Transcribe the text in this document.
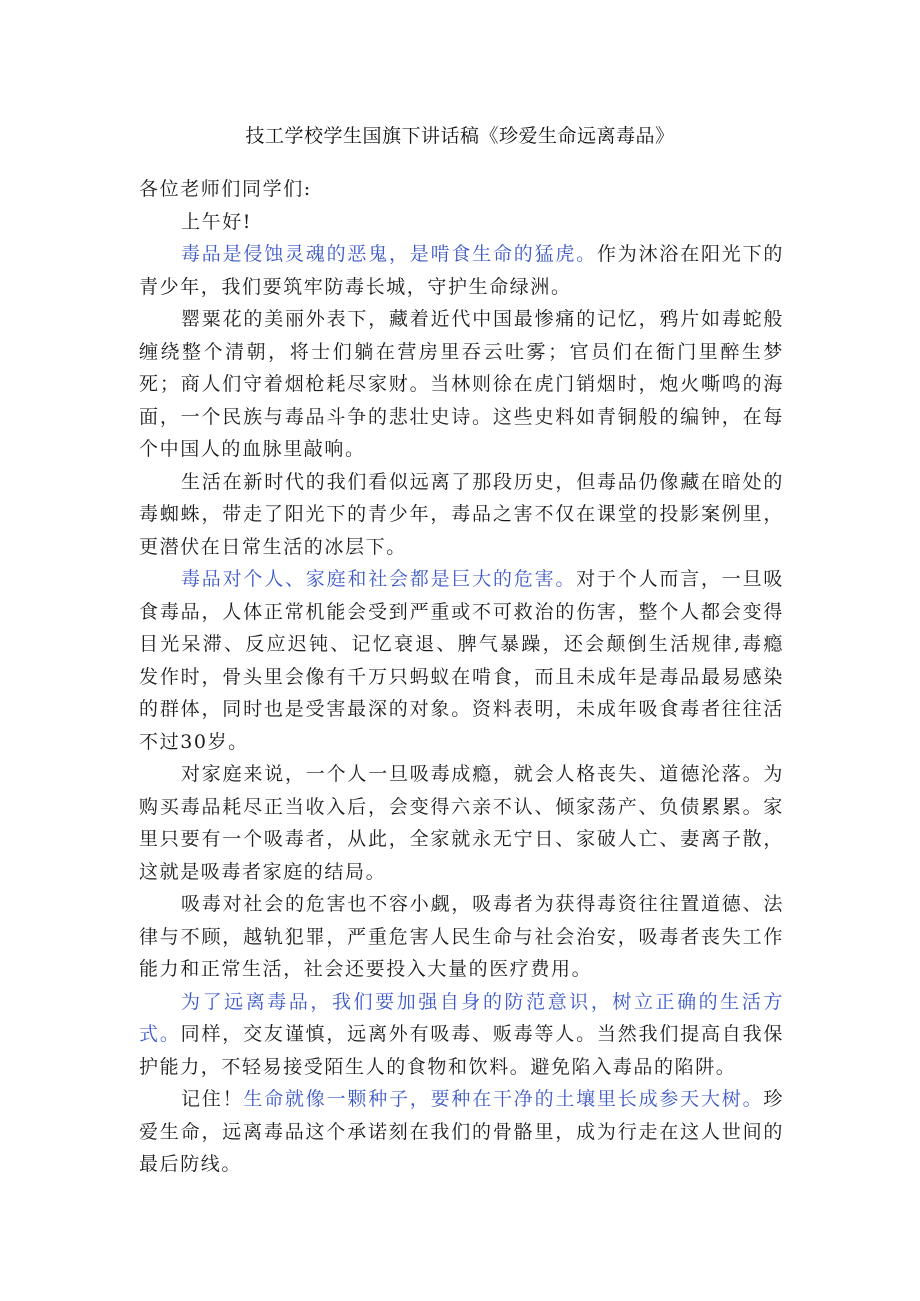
技工学校学生国旗下讲话稿《珍爱生命远离毒品》

各位老师们同学们:

上午好!

毒品是侵蚀灵魂的恶鬼，是啃食生命的猛虎。作为沐浴在阳光下的青少年，我们要筑牢防毒长城，守护生命绿洲。

罂粟花的美丽外表下，藏着近代中国最惨痛的记忆，鸦片如毒蛇般缠绕整个清朝，将士们躺在营房里吞云吐雾；官员们在衙门里醉生梦死；商人们守着烟枪耗尽家财。当林则徐在虎门销烟时，炮火嘶鸣的海面，一个民族与毒品斗争的悲壮史诗。这些史料如青铜般的编钟，在每个中国人的血脉里敲响。

生活在新时代的我们看似远离了那段历史，但毒品仍像藏在暗处的毒蜘蛛，带走了阳光下的青少年，毒品之害不仅在课堂的投影案例里，更潜伏在日常生活的冰层下。

毒品对个人、家庭和社会都是巨大的危害。对于个人而言，一旦吸食毒品，人体正常机能会受到严重或不可救治的伤害，整个人都会变得目光呆滞、反应迟钝、记忆衰退、脾气暴躁，还会颠倒生活规律,毒瘾发作时，骨头里会像有千万只蚂蚁在啃食，而且未成年是毒品最易感染的群体，同时也是受害最深的对象。资料表明，未成年吸食毒者往往活不过30岁。

对家庭来说，一个人一旦吸毒成瘾，就会人格丧失、道德沦落。为购买毒品耗尽正当收入后，会变得六亲不认、倾家荡产、负债累累。家里只要有一个吸毒者，从此，全家就永无宁日、家破人亡、妻离子散，这就是吸毒者家庭的结局。

吸毒对社会的危害也不容小觑，吸毒者为获得毒资往往置道德、法律与不顾，越轨犯罪，严重危害人民生命与社会治安，吸毒者丧失工作能力和正常生活，社会还要投入大量的医疗费用。

为了远离毒品，我们要加强自身的防范意识，树立正确的生活方式。同样，交友谨慎，远离外有吸毒、贩毒等人。当然我们提高自我保护能力，不轻易接受陌生人的食物和饮料。避免陷入毒品的陷阱。

记住！生命就像一颗种子，要种在干净的土壤里长成参天大树。珍爱生命，远离毒品这个承诺刻在我们的骨骼里，成为行走在这人世间的最后防线。
